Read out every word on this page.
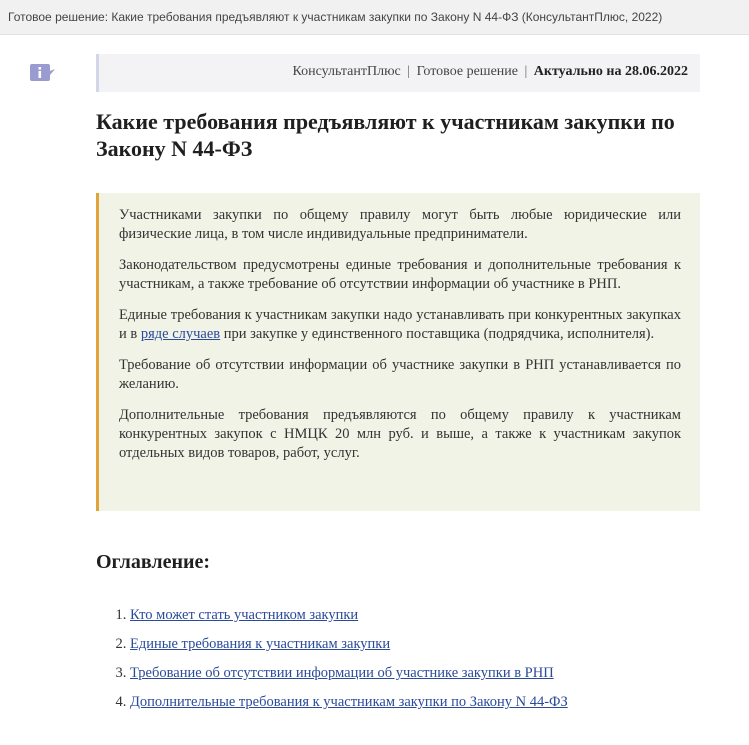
Готовое решение: Какие требования предъявляют к участникам закупки по Закону N 44-ФЗ (КонсультантПлюс, 2022)
КонсультантПлюс | Готовое решение | Актуально на 28.06.2022
Какие требования предъявляют к участникам закупки по Закону N 44-ФЗ

Участниками закупки по общему правилу могут быть любые юридические или физические лица, в том числе индивидуальные предприниматели.

Законодательством предусмотрены единые требования и дополнительные требования к участникам, а также требование об отсутствии информации об участнике в РНП.

Единые требования к участникам закупки надо устанавливать при конкурентных закупках и в ряде случаев при закупке у единственного поставщика (подрядчика, исполнителя).

Требование об отсутствии информации об участнике закупки в РНП устанавливается по желанию.

Дополнительные требования предъявляются по общему правилу к участникам конкурентных закупок с НМЦК 20 млн руб. и выше, а также к участникам закупок отдельных видов товаров, работ, услуг.

Оглавление:
1. Кто может стать участником закупки
2. Единые требования к участникам закупки
3. Требование об отсутствии информации об участнике закупки в РНП
4. Дополнительные требования к участникам закупки по Закону N 44-ФЗ
